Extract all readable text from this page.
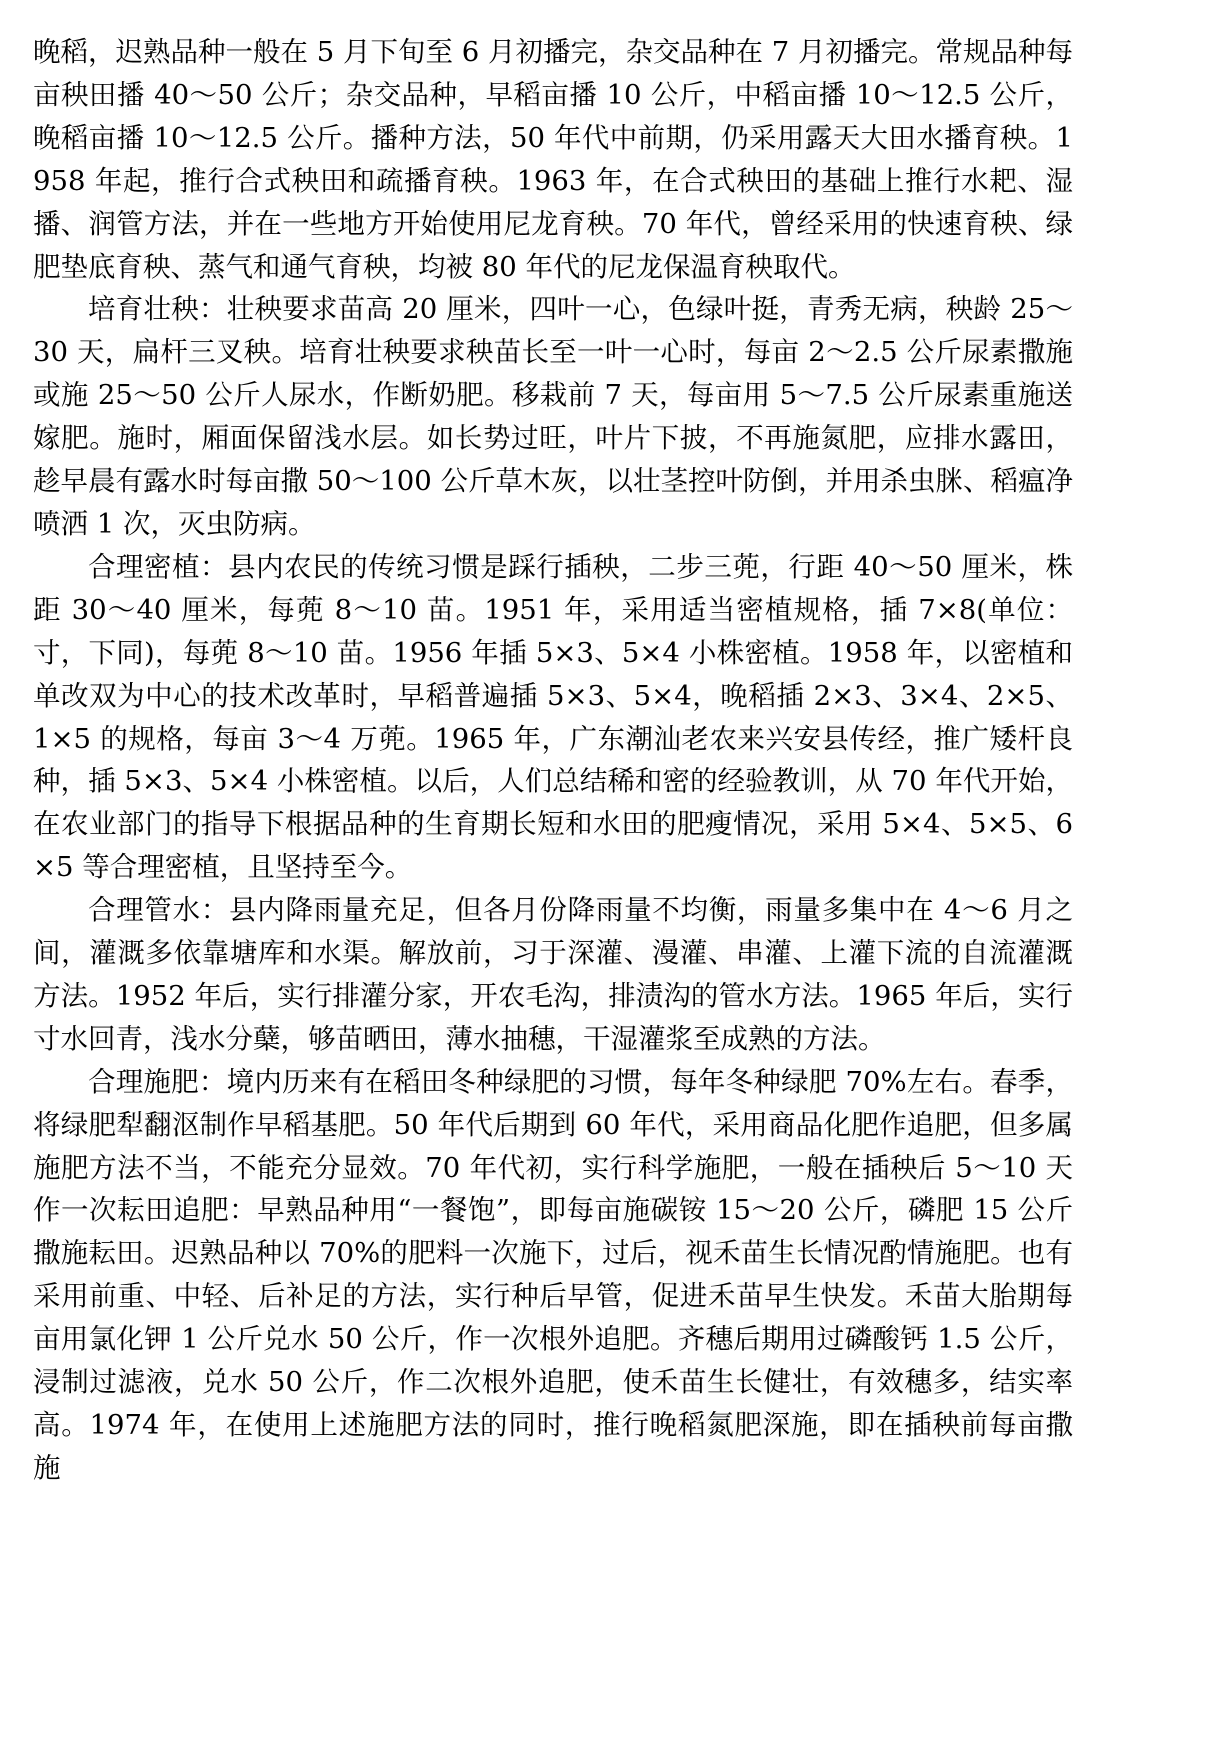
晚稻，迟熟品种一般在 5 月下旬至 6 月初播完，杂交品种在 7 月初播完。常规品种每亩秧田播 40～50 公斤；杂交品种，早稻亩播 10 公斤，中稻亩播 10～12.5 公斤，晚稻亩播 10～12.5 公斤。播种方法，50 年代中前期，仍采用露天大田水播育秧。1958 年起，推行合式秧田和疏播育秧。1963 年，在合式秧田的基础上推行水耙、湿播、润管方法，并在一些地方开始使用尼龙育秧。70 年代，曾经采用的快速育秧、绿肥垫底育秧、蒸气和通气育秧，均被 80 年代的尼龙保温育秧取代。

培育壮秧：壮秧要求苗高 20 厘米，四叶一心，色绿叶挺，青秀无病，秧龄 25～30 天，扁杆三叉秧。培育壮秧要求秧苗长至一叶一心时，每亩 2～2.5 公斤尿素撒施或施 25～50 公斤人尿水，作断奶肥。移栽前 7 天，每亩用 5～7.5 公斤尿素重施送嫁肥。施时，厢面保留浅水层。如长势过旺，叶片下披，不再施氮肥，应排水露田，趁早晨有露水时每亩撒 50～100 公斤草木灰，以壮茎控叶防倒，并用杀虫脒、稻瘟净喷洒 1 次，灭虫防病。

合理密植：县内农民的传统习惯是踩行插秧，二步三蔸，行距 40～50 厘米，株距 30～40 厘米，每蔸 8～10 苗。1951 年，采用适当密植规格，插 7×8(单位：寸，下同)，每蔸 8～10 苗。1956 年插 5×3、5×4 小株密植。1958 年，以密植和单改双为中心的技术改革时，早稻普遍插 5×3、5×4，晚稻插 2×3、3×4、2×5、1×5 的规格，每亩 3～4 万蔸。1965 年，广东潮汕老农来兴安县传经，推广矮杆良种，插 5×3、5×4 小株密植。以后，人们总结稀和密的经验教训，从 70 年代开始，在农业部门的指导下根据品种的生育期长短和水田的肥瘦情况，采用 5×4、5×5、6×5 等合理密植，且坚持至今。

合理管水：县内降雨量充足，但各月份降雨量不均衡，雨量多集中在 4～6 月之间，灌溉多依靠塘库和水渠。解放前，习于深灌、漫灌、串灌、上灌下流的自流灌溉方法。1952 年后，实行排灌分家，开农毛沟，排渍沟的管水方法。1965 年后，实行寸水回青，浅水分蘖，够苗晒田，薄水抽穗，干湿灌浆至成熟的方法。

合理施肥：境内历来有在稻田冬种绿肥的习惯，每年冬种绿肥 70%左右。春季，将绿肥犁翻沤制作早稻基肥。50 年代后期到 60 年代，采用商品化肥作追肥，但多属施肥方法不当，不能充分显效。70 年代初，实行科学施肥，一般在插秧后 5～10 天作一次耘田追肥：早熟品种用“一餐饱”，即每亩施碳铵 15～20 公斤，磷肥 15 公斤撒施耘田。迟熟品种以 70%的肥料一次施下，过后，视禾苗生长情况酌情施肥。也有采用前重、中轻、后补足的方法，实行种后早管，促进禾苗早生快发。禾苗大胎期每亩用氯化钾 1 公斤兑水 50 公斤，作一次根外追肥。齐穗后期用过磷酸钙 1.5 公斤，浸制过滤液，兑水 50 公斤，作二次根外追肥，使禾苗生长健壮，有效穗多，结实率高。1974 年，在使用上述施肥方法的同时，推行晚稻氮肥深施，即在插秧前每亩撒施
